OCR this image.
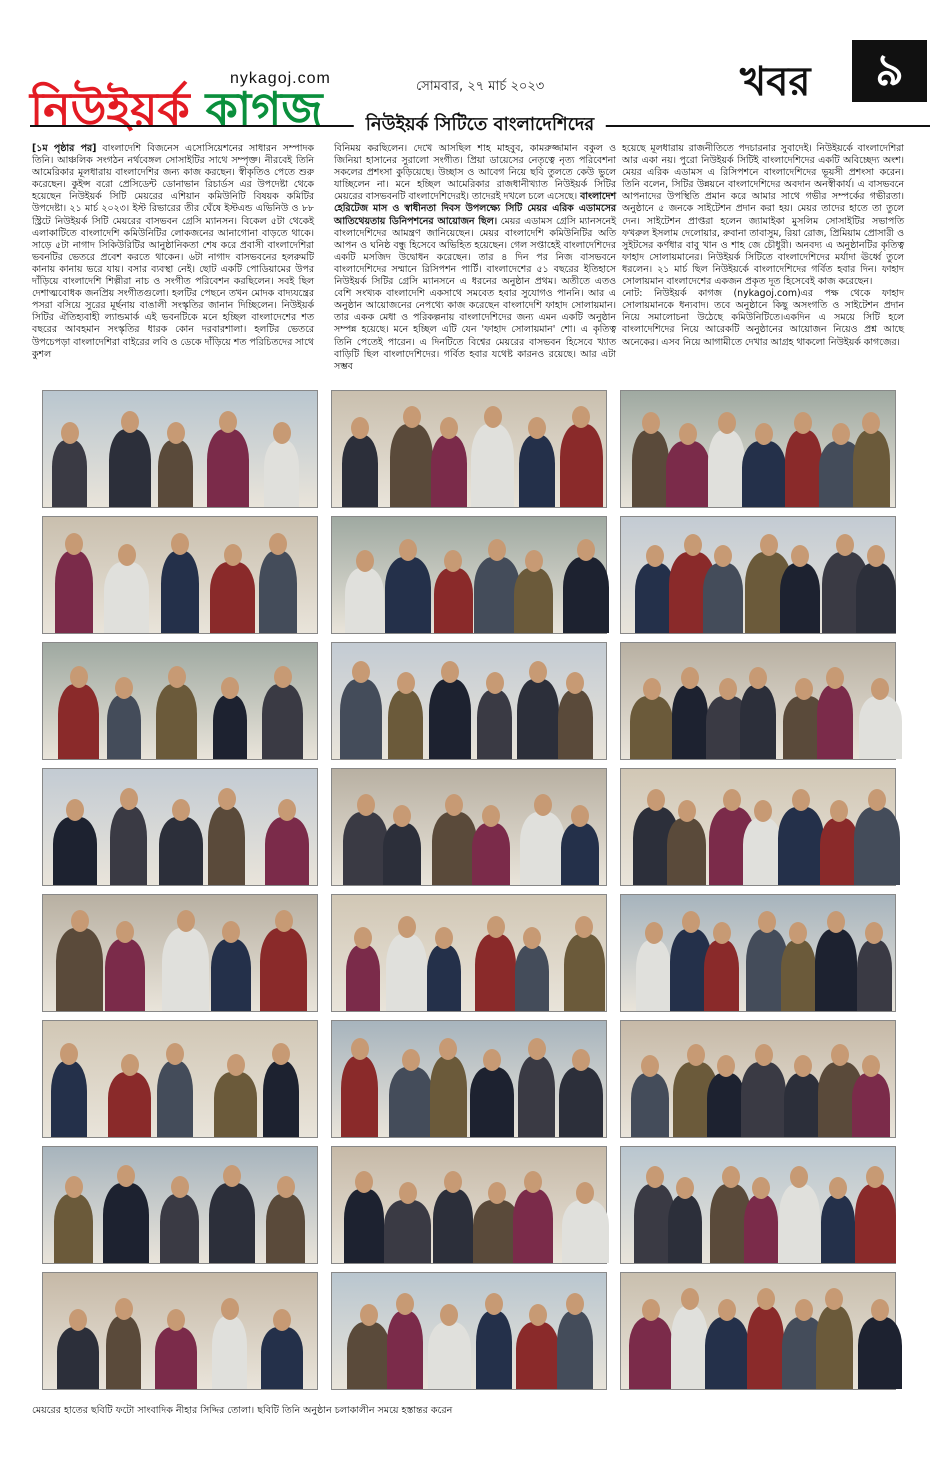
nykagoj.com
নিউইয়র্ক কাগজ	সোমবার, ২৭ মার্চ ২০২৩	খবর	৯
নিউইয়র্ক সিটিতে বাংলাদেশিদের

[১ম পৃষ্ঠার পর] বাংলাদেশি বিজনেস এসোসিয়েশনের সাধারন সম্পাদক তিনি। আঞ্চলিক সংগঠন নর্থবেঙ্গল সোসাইটির সাথে সম্পৃক্ত। নীরবেই তিনি আমেরিকার মূলধারায় বাংলাদেশির জন্য কাজ করছেন। স্বীকৃতিও পেতে শুরু করেছেন। কুইন্স বরো প্রেসিডেন্ট ডোনাভান রিচার্ডস এর উপদেষ্টা থেকে হয়েছেন নিউইয়র্ক সিটি মেয়রের এশিয়ান কমিউনিটি বিষয়ক কমিটির উপদেষ্টা। ২১ মার্চ ২০২৩। ইস্ট রিভারের তীর ঘেঁষে ইস্টএন্ড এভিনিউ ও ৮৮ স্ট্রিটে নিউইয়র্ক সিটি মেয়রের বাসভবন গ্রেসি ম্যানসন। বিকেল ৫টা থেকেই এলাকাটিতে বাংলাদেশি কমিউনিটির লোকজনের আনাগোনা বাড়তে থাকে। সাড়ে ৫টা নাগাদ সিকিউরিটির আনুষ্ঠানিকতা শেষ করে প্রবাসী বাংলাদেশিরা ভবনটির ভেতরে প্রবেশ করতে থাকেন। ৬টা নাগাদ বাসভবনের হলরুমটি কানায় কানায় ভরে যায়। বসার ব্যবস্থা নেই। ছোট একটি পোডিয়ামের উপর দাঁড়িয়ে বাংলাদেশি শিল্পীরা নাচ ও সংগীত পরিবেশন করছিলেন। সবই ছিল দেশাত্মবোধক জনপ্রিয় সংগীতগুলো। হলটির পেছনে তখন মোদক বাদ্যযন্ত্রের পসরা বসিয়ে সুরের মূর্ছনায় বাঙালী সংস্কৃতির জানান দিচ্ছিলেন। নিউইয়র্ক সিটির ঐতিহ্যবাহী ল্যান্ডমার্ক এই ভবনটিকে মনে হচ্ছিল বাংলাদেশের শত বছরের আবহমান সংস্কৃতির ধারক কোন দরবারশালা। হলটির ভেতরে উপচেপড়া বাংলাদেশিরা বাইরের লবি ও ডেকে দাঁড়িয়ে শত পরিচিতদের সাথে কুশল

বিনিময় করছিলেন। দেখে আসছিল শাহ মাহবুব, কামরুজ্জামান বকুল ও জিনিয়া হাসানের সুরালো সংগীত। প্রিয়া ডায়েসের নেতৃত্বে নৃত্য পরিবেশনা সকলের প্রশংসা কুড়িয়েছে। উচ্ছাস ও আবেগ নিয়ে ছবি তুলতে কেউ ভুলে যাচ্ছিলেন না। মনে হচ্ছিল আমেরিকার রাজধানীখ্যাত নিউইয়র্ক সিটির মেয়রের বাসভবনটি বাংলাদেশিদেরই। তাদেরই দখলে চলে এসেছে। বাংলাদেশ হেরিটেজ মাস ও স্বাধীনতা দিবস উপলক্ষ্যে সিটি মেয়র এরিক এডামসের আতিথেয়তায় ডিনিপশনের আয়োজন ছিল। মেয়র এডামস গ্রেসি ম্যানসনেই বাংলাদেশিদের আমন্ত্রণ জানিয়েছেন। মেয়র বাংলাদেশি কমিউনিটির অতি আপন ও ঘনিষ্ঠ বন্ধু হিসেবে অভিহিত হয়েছেন। গেল সপ্তাহেই বাংলাদেশিদের একটি মসজিদ উদ্বোধন করেছেন। তার ৪ দিন পর নিজ বাসভবনে বাংলাদেশিদের সম্মানে রিসিপশন পার্টি। বাংলাদেশের ৫১ বছরের ইতিহাসে নিউইয়র্ক সিটির গ্রেসি ম্যানসনে এ ধরনের অনুষ্ঠান প্রথম। অতীতে এতও বেশি সংখ্যক বাংলাদেশি একসাথে সমবেত হবার সুযোগও পাননি। আর এ অনুষ্ঠান আয়োজনের নেপথ্যে কাজ করেছেন বাংলাদেশি ফাহাদ সোলায়মান। তার একক মেধা ও পরিকল্পনায় বাংলাদেশিদের জন্য এমন একটি অনুষ্ঠান সম্পন্ন হয়েছে। মনে হচ্ছিল এটি যেন 'ফাহাদ সোলায়মান' শো। এ কৃতিত্ব তিনি পেতেই পারেন। এ দিনটিতে বিশ্বের মেয়রের বাসভবন হিসেবে খ্যাত বাড়িটি ছিল বাংলাদেশিদের। গর্বিত হবার যথেষ্ট কারনও রয়েছে। আর এটা সম্ভব

হয়েছে মূলধারায় রাজনীতিতে পদচারনার সুবাদেই। নিউইয়র্কে বাংলাদেশিরা আর একা নয়। পুরো নিউইয়র্ক সিটিই বাংলাদেশিদের একটি অবিচ্ছেদ্য অংশ। মেয়র এরিক এডামস এ রিসিপশনে বাংলাদেশিদের ভূয়সী প্রশংসা করেন। তিনি বলেন, সিটির উন্নয়নে বাংলাদেশিদের অবদান অনস্বীকার্য। এ বাসভবনে আপনাদের উপস্থিতি প্রমান করে আমার সাথে গভীর সম্পর্কের গভীরতা। অনুষ্ঠানে ৫ জনকে সাইটেশন প্রদান করা হয়। মেয়র তাদের হাতে তা তুলে দেন। সাইটেশন প্রাপ্তরা হলেন জ্যামাইকা মুসলিম সোসাইটির সভাপতি ফখরুল ইসলাম দেলোয়ার, রুবানা তাবাসুম, রিয়া রোজ, প্রিমিয়াম প্রোসারী ও সুইটসের কর্ণধার বাবু খান ও শাহ জে চৌধুরী। অনবদ্য এ অনুষ্ঠানটির কৃতিত্ব ফাহাদ সোলায়মানের। নিউইয়র্ক সিটিতে বাংলাদেশিদের মর্যাদা ঊর্ধ্বে তুলে ধরলেন। ২১ মার্চ ছিল নিউইয়র্কে বাংলাদেশিদের গর্বিত হবার দিন। ফাহাদ সোলায়মান বাংলাদেশের একজন প্রকৃত দূত হিসেবেই কাজ করেছেন।

নোট: নিউইয়র্ক কাগজ (nykagoj.com)এর পক্ষ থেকে ফাহাদ সোলায়মানকে ধন্যবাদ। তবে অনুষ্ঠানে কিছু অসংগতি ও সাইটেশন প্রদান নিয়ে সমালোচনা উঠেছে কমিউনিটিতে।একদিন এ সময়ে সিটি হলে বাংলাদেশিদের নিয়ে আরেকটি অনুষ্ঠানের আয়োজন নিয়েও প্রশ্ন আছে অনেকের। এসব নিয়ে আগামীতে দেখার আগ্রহ থাকলো নিউইয়র্ক কাগজের।

মেয়রের হাতের ছবিটি ফটো সাংবাদিক নীহার সিদ্দির তোলা। ছবিটি তিনি অনুষ্ঠান চলাকালীন সময়ে হস্তান্তর করেন
